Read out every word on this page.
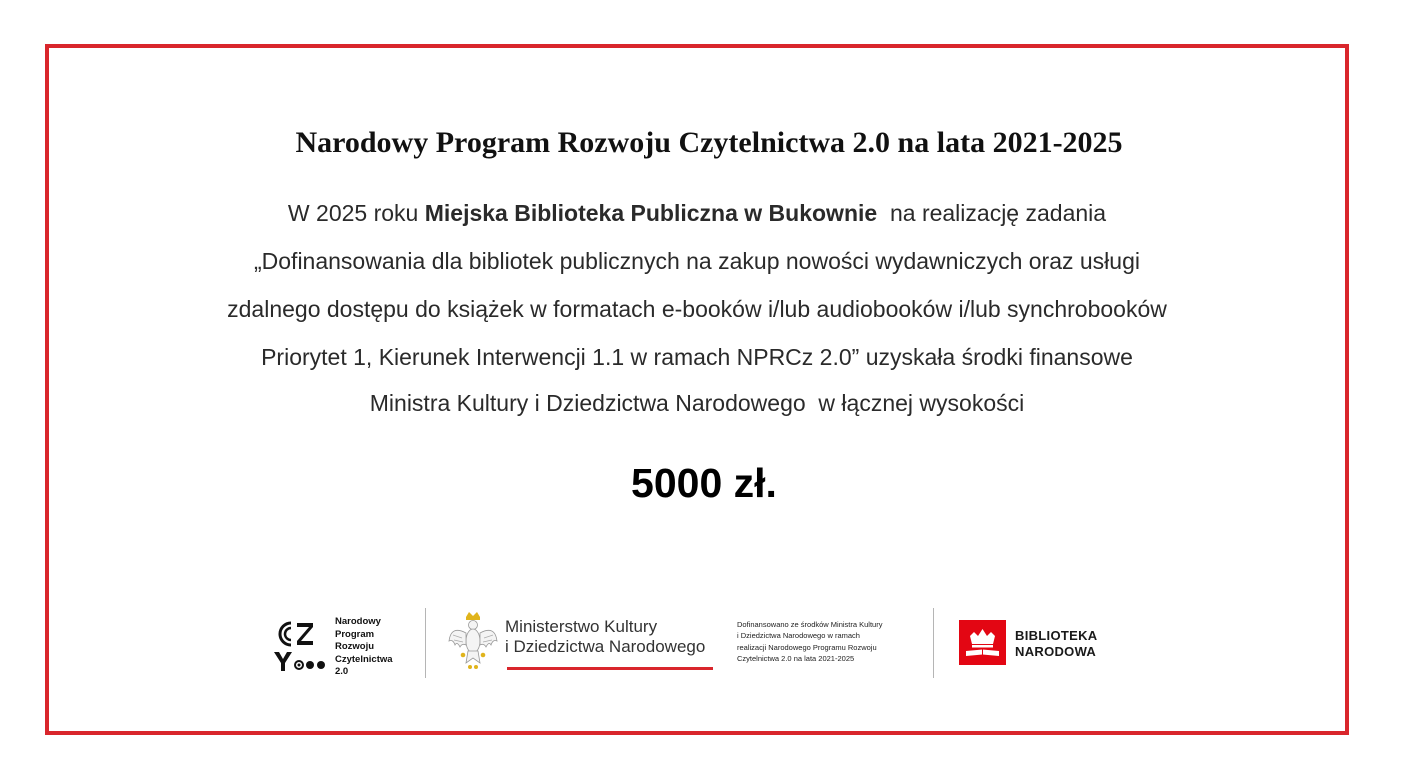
Narodowy Program Rozwoju Czytelnictwa 2.0 na lata 2021-2025
W 2025 roku Miejska Biblioteka Publiczna w Bukownie  na realizację zadania
„Dofinansowania dla bibliotek publicznych na zakup nowości wydawniczych oraz usługi
zdalnego dostępu do książek w formatach e-booków i/lub audiobooków i/lub synchrobooków
Priorytet 1, Kierunek Interwencji 1.1 w ramach NPRCz 2.0” uzyskała środki finansowe
Ministra Kultury i Dziedzictwa Narodowego  w łącznej wysokości
5000 zł.
Narodowy
Program
Rozwoju
Czytelnictwa
2.0
Ministerstwo Kultury
i Dziedzictwa Narodowego
Dofinansowano ze środków Ministra Kultury
i Dziedzictwa Narodowego w ramach
realizacji Narodowego Programu Rozwoju
Czytelnictwa 2.0 na lata 2021-2025
BIBLIOTEKA
NARODOWA
